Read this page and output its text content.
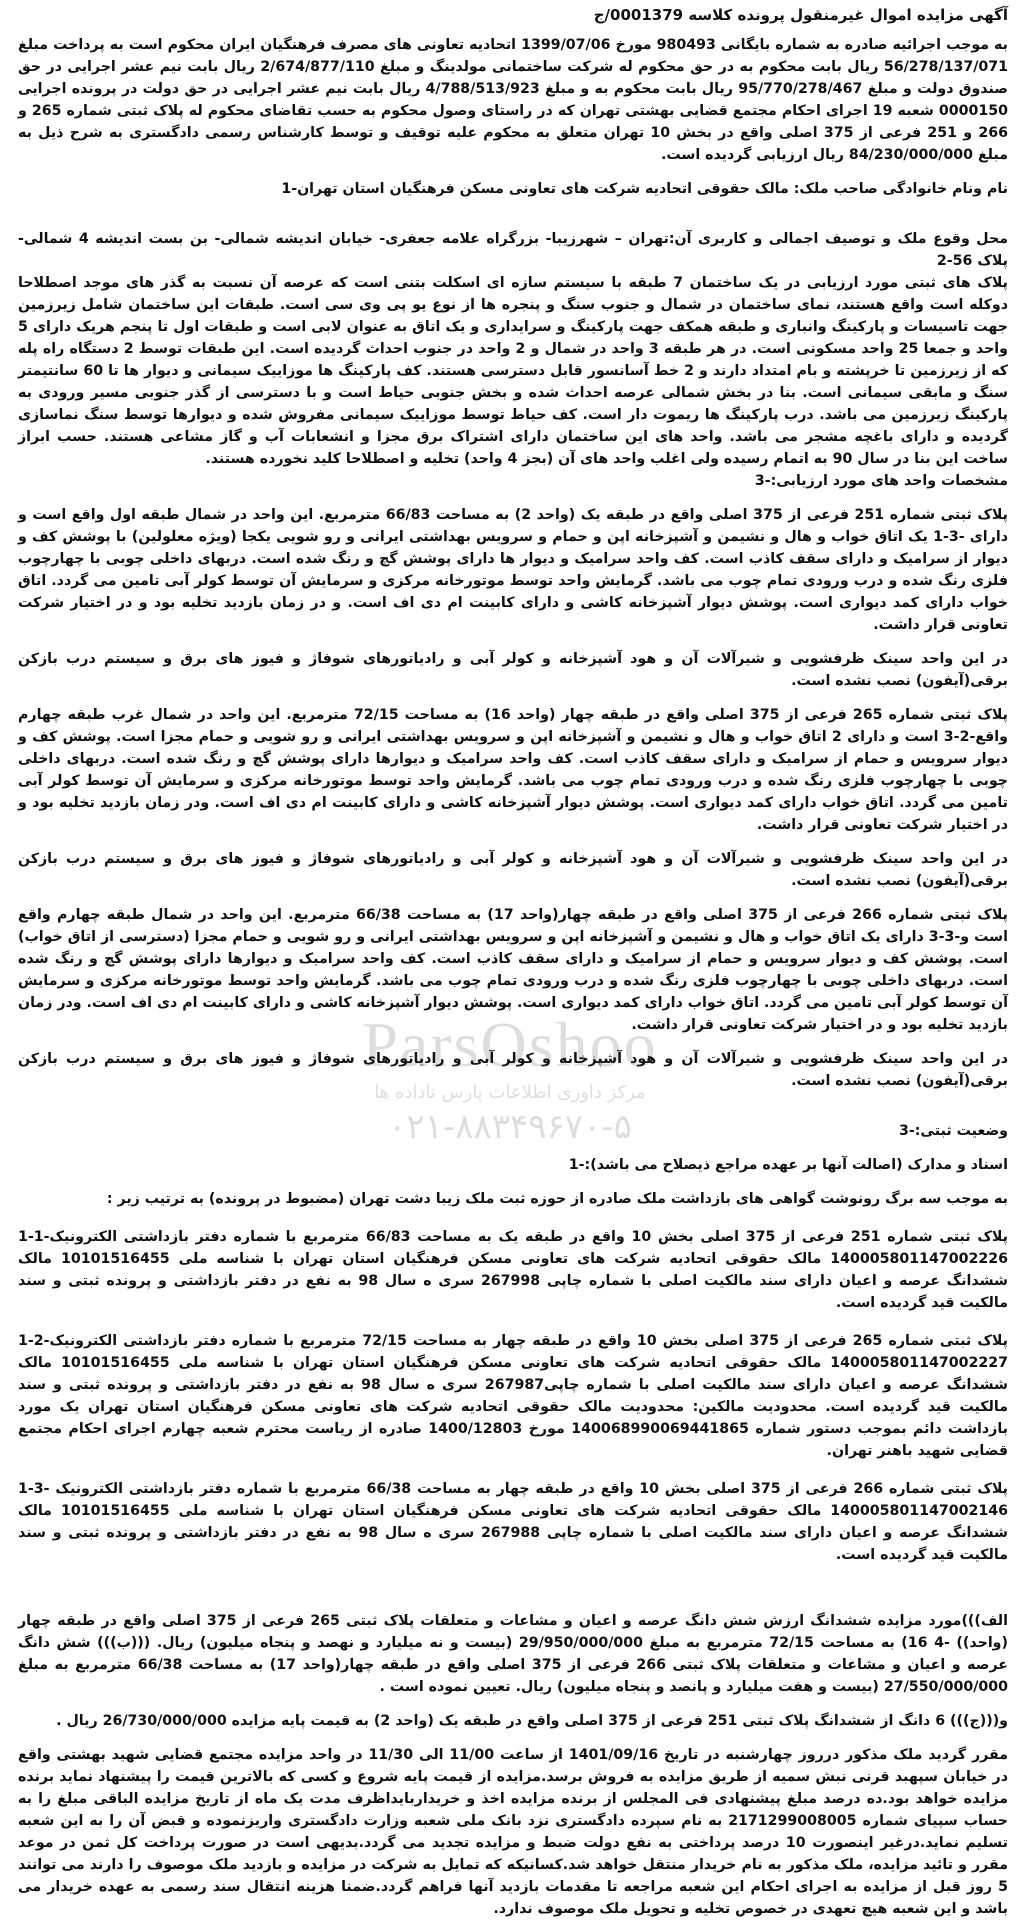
آگهی مزایده اموال غیرمنقول پرونده کلاسه 0001379/ج

به موجب اجرائیه صادره به شماره بایگانی 980493 مورخ 1399/07/06 اتحادیه تعاونی های مصرف فرهنگیان ایران محکوم است به پرداخت مبلغ 56/278/137/071 ریال بابت محکوم به در حق محکوم له شرکت ساختمانی مولدینگ و مبلغ 2/674/877/110 ریال بابت نیم عشر اجرایی در حق صندوق دولت و مبلغ 95/770/278/467 ریال بابت محکوم به و مبلغ 4/788/513/923 ریال بابت نیم عشر اجرایی در حق دولت در پرونده اجرایی 0000150 شعبه 19 اجرای احکام مجتمع قضایی بهشتی تهران که در راستای وصول محکوم به حسب تقاضای محکوم له پلاک ثبتی شماره 265 و 266 و 251 فرعی از 375 اصلی واقع در بخش 10 تهران متعلق به محکوم علیه توقیف و توسط کارشناس رسمی دادگستری به شرح ذیل به مبلغ 84/230/000/000 ریال ارزیابی گردیده است.

نام ونام خانوادگی صاحب ملک: مالک حقوقی اتحادیه شرکت های تعاونی مسکن فرهنگیان استان تهران-1

محل وقوع ملک و توصیف اجمالی و کاربری آن:تهران – شهرزیبا- بزرگراه علامه جعفری- خیابان اندیشه شمالی- بن بست اندیشه 4 شمالی- پلاک 56-2

پلاک های ثبتی مورد ارزیابی در یک ساختمان 7 طبقه با سیستم سازه ای اسکلت بتنی است که عرصه آن نسبت به گذر های موجد اصطلاحا دوکله است واقع هستند، نمای ساختمان در شمال و جنوب سنگ و پنجره ها از نوع یو پی وی سی است. طبقات این ساختمان شامل زیرزمین جهت تاسیسات و پارکینگ وانباری و طبقه همکف جهت پارکینگ و سرایداری و یک اتاق به عنوان لابی است و طبقات اول تا پنجم هریک دارای 5 واحد و جمعا 25 واحد مسکونی است. در هر طبقه 3 واحد در شمال و 2 واحد در جنوب احداث گردیده است. این طبقات توسط 2 دستگاه راه پله که از زیرزمین تا خرپشته و بام امتداد دارند و 2 خط آسانسور قابل دسترسی هستند. کف پارکینگ ها موزاییک سیمانی و دیوار ها تا 60 سانتیمتر سنگ و مابقی سیمانی است. بنا در بخش شمالی عرصه احداث شده و بخش جنوبی حیاط است و با دسترسی از گذر جنوبی مسیر ورودی به پارکینگ زیرزمین می باشد. درب پارکینگ ها ریموت دار است. کف حیاط توسط موزاییک سیمانی مفروش شده و دیوارها توسط سنگ نماسازی گردیده و دارای باغچه مشجر می باشد. واحد های این ساختمان دارای اشتراک برق مجزا و انشعابات آب و گاز مشاعی هستند. حسب ابراز ساخت این بنا در سال 90 به اتمام رسیده ولی اغلب واحد های آن (بجز 4 واحد) تخلیه و اصطلاحا کلید نخورده هستند.

مشخصات واحد های مورد ارزیابی:-3

پلاک ثبتی شماره 251 فرعی از 375 اصلی واقع در طبقه یک (واحد 2) به مساحت 66/83 مترمربع. این واحد در شمال طبقه اول واقع است و دارای -3-1 یک اتاق خواب و هال و نشیمن و آشپزخانه اپن و حمام و سرویس بهداشتی ایرانی و رو شویی یکجا (ویژه معلولین) با پوشش کف و دیوار از سرامیک و دارای سقف کاذب است. کف واحد سرامیک و دیوار ها دارای پوشش گچ و رنگ شده است. دربهای داخلی چوبی با چهارچوب فلزی رنگ شده و درب ورودی تمام چوب می باشد. گرمایش واحد توسط موتورخانه مرکزی و سرمایش آن توسط کولر آبی تامین می گردد. اتاق خواب دارای کمد دیواری است. پوشش دیوار آشپزخانه کاشی و دارای کابینت ام دی اف است. و در زمان بازدید تخلیه بود و در اختیار شرکت تعاونی قرار داشت.

در این واحد سینک ظرفشویی و شیرآلات آن و هود آشپزخانه و کولر آبی و رادیاتورهای شوفاژ و فیوز های برق و سیستم درب بازکن برقی(آیفون) نصب نشده است.

پلاک ثبتی شماره 265 فرعی از 375 اصلی واقع در طبقه چهار (واحد 16) به مساحت 72/15 مترمربع. این واحد در شمال غرب طبقه چهارم واقع-2-3 است و دارای 2 اتاق خواب و هال و نشیمن و آشپزخانه اپن و سرویس بهداشتی ایرانی و رو شویی و حمام مجزا است. پوشش کف و دیوار سرویس و حمام از سرامیک و دارای سقف کاذب است. کف واحد سرامیک و دیوارها دارای پوشش گچ و رنگ شده است. دربهای داخلی چوبی با چهارچوب فلزی رنگ شده و درب ورودی تمام چوب می باشد. گرمایش واحد توسط موتورخانه مرکزی و سرمایش آن توسط کولر آبی تامین می گردد. اتاق خواب دارای کمد دیواری است. پوشش دیوار آشپزخانه کاشی و دارای کابینت ام دی اف است. ودر زمان بازدید تخلیه بود و در اختیار شرکت تعاونی قرار داشت.

در این واحد سینک ظرفشویی و شیرآلات آن و هود آشپزخانه و کولر آبی و رادیاتورهای شوفاژ و فیوز های برق و سیستم درب بازکن برقی(آیفون) نصب نشده است.

پلاک ثبتی شماره 266 فرعی از 375 اصلی واقع در طبقه چهار(واحد 17) به مساحت 66/38 مترمربع. این واحد در شمال طبقه چهارم واقع است و-3-3 دارای یک اتاق خواب و هال و نشیمن و آشپزخانه اپن و سرویس بهداشتی ایرانی و رو شویی و حمام مجزا (دسترسی از اتاق خواب) است. پوشش کف و دیوار سرویس و حمام از سرامیک و دارای سقف کاذب است. کف واحد سرامیک و دیوارها دارای پوشش گچ و رنگ شده است. دربهای داخلی چوبی با چهارچوب فلزی رنگ شده و درب ورودی تمام چوب می باشد. گرمایش واحد توسط موتورخانه مرکزی و سرمایش آن توسط کولر آبی تامین می گردد. اتاق خواب دارای کمد دیواری است. پوشش دیوار آشپزخانه کاشی و دارای کابینت ام دی اف است. ودر زمان بازدید تخلیه بود و در اختیار شرکت تعاونی قرار داشت.

در این واحد سینک ظرفشویی و شیرآلات آن و هود آشپزخانه و کولر آبی و رادیاتورهای شوفاژ و فیوز های برق و سیستم درب بازکن برقی(آیفون) نصب نشده است.

وضعیت ثبتی:-3

اسناد و مدارک (اصالت آنها بر عهده مراجع ذیصلاح می باشد):-1

به موجب سه برگ رونوشت گواهی های بازداشت ملک صادره از حوزه ثبت ملک زیبا دشت تهران (مضبوط در پرونده) به ترتیب زیر :

پلاک ثبتی شماره 251 فرعی از 375 اصلی بخش 10 واقع در طبقه یک به مساحت 66/83 مترمربع با شماره دفتر بازداشتی الکترونیک-1-1 140005801147002226 مالک حقوقی اتحادیه شرکت های تعاونی مسکن فرهنگیان استان تهران با شناسه ملی 10101516455 مالک ششدانگ عرصه و اعیان دارای سند مالکیت اصلی با شماره چاپی 267998 سری ه سال 98 به نفع در دفتر بازداشتی و پرونده ثبتی و سند مالکیت قید گردیده است.

پلاک ثبتی شماره 265 فرعی از 375 اصلی بخش 10 واقع در طبقه چهار به مساحت 72/15 مترمربع با شماره دفتر بازداشتی الکترونیک-2-1 140005801147002227 مالک حقوقی اتحادیه شرکت های تعاونی مسکن فرهنگیان استان تهران با شناسه ملی 10101516455 مالک ششدانگ عرصه و اعیان دارای سند مالکیت اصلی با شماره چاپی267987 سری ه سال 98 به نفع در دفتر بازداشتی و پرونده ثبتی و سند مالکیت قید گردیده است. محدودیت مالکین: محدودیت مالک حقوقی اتحادیه شرکت های تعاونی مسکن فرهنگیان استان تهران یک مورد بازداشت دائم بموجب دستور شماره 140068990069441865 مورخ 1400/12803 صادره از ریاست محترم شعبه چهارم اجرای احکام مجتمع قضایی شهید باهنر تهران.

پلاک ثبتی شماره 266 فرعی از 375 اصلی بخش 10 واقع در طبقه چهار به مساحت 66/38 مترمربع با شماره دفتر بازداشتی الکترونیک -3-1 140005801147002146 مالک حقوقی اتحادیه شرکت های تعاونی مسکن فرهنگیان استان تهران با شناسه ملی 10101516455 مالک ششدانگ عرصه و اعیان دارای سند مالکیت اصلی با شماره چاپی 267988 سری ه سال 98 به نفع در دفتر بازداشتی و پرونده ثبتی و سند مالکیت قید گردیده است.

الف)))مورد مزایده ششدانگ ارزش شش دانگ عرصه و اعیان و مشاعات و متعلقات پلاک ثبتی 265 فرعی از 375 اصلی واقع در طبقه چهار (واحد)) -4 16) به مساحت 72/15 مترمربع به مبلغ 29/950/000/000 (بیست و نه میلیارد و نهصد و پنجاه میلیون) ریال. (((ب))) شش دانگ عرصه و اعیان و مشاعات و متعلقات پلاک ثبتی 266 فرعی از 375 اصلی واقع در طبقه چهار(واحد 17) به مساحت 66/38 مترمربع به مبلغ 27/550/000/000 (بیست و هفت میلیارد و پانصد و پنجاه میلیون) ریال. تعیین نموده است .

و(((ج))) 6 دانگ از ششدانگ پلاک ثبتی 251 فرعی از 375 اصلی واقع در طبقه یک (واحد 2) به قیمت پایه مزایده 26/730/000/000 ریال .

مقرر گردید ملک مذکور درروز چهارشنبه در تاریخ 1401/09/16 از ساعت 11/00 الی 11/30 در واحد مزایده مجتمع قضایی شهید بهشتی واقع در خیابان سپهبد قرنی نبش سمیه از طریق مزایده به فروش برسد.مزایده از قیمت پایه شروع و کسی که بالاترین قیمت را پیشنهاد نماید برنده مزایده خواهد بود.ده درصد مبلغ پیشنهادی فی المجلس از برنده مزایده اخذ و خریداربایداظرف مدت یک ماه از تاریخ مزایده الباقی مبلغ را به حساب سپیای شماره 2171299008005 به نام سپرده دادگستری نزد بانک ملی شعبه وزارت دادگستری واریزنموده و قبض آن را به این شعبه تسلیم نماید.درغیر اینصورت 10 درصد پرداختی به نفع دولت ضبط و مزایده تجدید می گردد.بدیهی است در صورت پرداخت کل ثمن در موعد مقرر و تائید مزایده، ملک مذکور به نام خریدار منتقل خواهد شد.کسانیکه که تمایل به شرکت در مزایده و بازدید ملک موصوف را دارند می توانند 5 روز قبل از مزایده به اجرای احکام این شعبه مراجعه تا مقدمات بازدید آنها فراهم گردد.ضمنا هزینه انتقال سند رسمی به عهده خریدار می باشد و این شعبه هیچ تعهدی در خصوص تخلیه و تحویل ملک موصوف ندارد.

ParsOshoo
مرکز داوری اطلاعات پارس تاداده ها
۰۲۱-۸۸۳۴۹۶۷۰-۵
